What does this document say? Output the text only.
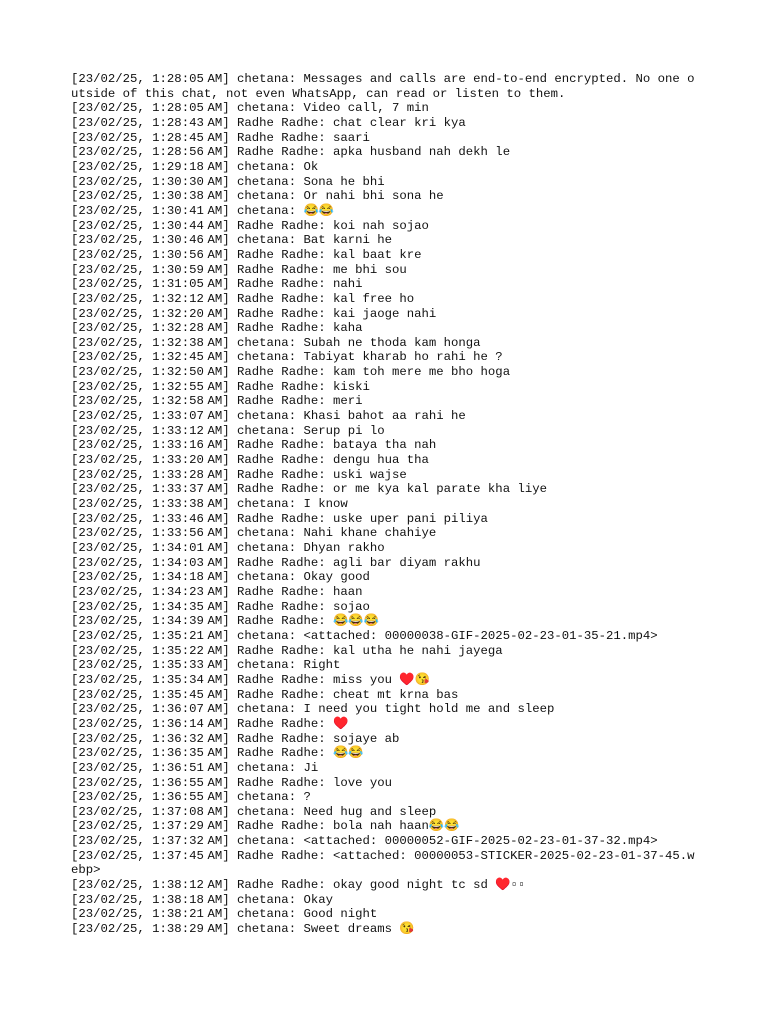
[23/02/25, 1:28:05 AM] chetana: Messages and calls are end-to-end encrypted. No one outside of this chat, not even WhatsApp, can read or listen to them.
[23/02/25, 1:28:05 AM] chetana: Video call, 7 min
[23/02/25, 1:28:43 AM] Radhe Radhe: chat clear kri kya
[23/02/25, 1:28:45 AM] Radhe Radhe: saari
[23/02/25, 1:28:56 AM] Radhe Radhe: apka husband nah dekh le
[23/02/25, 1:29:18 AM] chetana: Ok
[23/02/25, 1:30:30 AM] chetana: Sona he bhi
[23/02/25, 1:30:38 AM] chetana: Or nahi bhi sona he
[23/02/25, 1:30:41 AM] chetana: 😂😂
[23/02/25, 1:30:44 AM] Radhe Radhe: koi nah sojao
[23/02/25, 1:30:46 AM] chetana: Bat karni he
[23/02/25, 1:30:56 AM] Radhe Radhe: kal baat kre
[23/02/25, 1:30:59 AM] Radhe Radhe: me bhi sou
[23/02/25, 1:31:05 AM] Radhe Radhe: nahi
[23/02/25, 1:32:12 AM] Radhe Radhe: kal free ho
[23/02/25, 1:32:20 AM] Radhe Radhe: kai jaoge nahi
[23/02/25, 1:32:28 AM] Radhe Radhe: kaha
[23/02/25, 1:32:38 AM] chetana: Subah ne thoda kam honga
[23/02/25, 1:32:45 AM] chetana: Tabiyat kharab ho rahi he ?
[23/02/25, 1:32:50 AM] Radhe Radhe: kam toh mere me bho hoga
[23/02/25, 1:32:55 AM] Radhe Radhe: kiski
[23/02/25, 1:32:58 AM] Radhe Radhe: meri
[23/02/25, 1:33:07 AM] chetana: Khasi bahot aa rahi he
[23/02/25, 1:33:12 AM] chetana: Serup pi lo
[23/02/25, 1:33:16 AM] Radhe Radhe: bataya tha nah
[23/02/25, 1:33:20 AM] Radhe Radhe: dengu hua tha
[23/02/25, 1:33:28 AM] Radhe Radhe: uski wajse
[23/02/25, 1:33:37 AM] Radhe Radhe: or me kya kal parate kha liye
[23/02/25, 1:33:38 AM] chetana: I know
[23/02/25, 1:33:46 AM] Radhe Radhe: uske uper pani piliya
[23/02/25, 1:33:56 AM] chetana: Nahi khane chahiye
[23/02/25, 1:34:01 AM] chetana: Dhyan rakho
[23/02/25, 1:34:03 AM] Radhe Radhe: agli bar diyam rakhu
[23/02/25, 1:34:18 AM] chetana: Okay good
[23/02/25, 1:34:23 AM] Radhe Radhe: haan
[23/02/25, 1:34:35 AM] Radhe Radhe: sojao
[23/02/25, 1:34:39 AM] Radhe Radhe: 😂😂😂
[23/02/25, 1:35:21 AM] chetana: <attached: 00000038-GIF-2025-02-23-01-35-21.mp4>
[23/02/25, 1:35:22 AM] Radhe Radhe: kal utha he nahi jayega
[23/02/25, 1:35:33 AM] chetana: Right
[23/02/25, 1:35:34 AM] Radhe Radhe: miss you ♥️😘
[23/02/25, 1:35:45 AM] Radhe Radhe: cheat mt krna bas
[23/02/25, 1:36:07 AM] chetana: I need you tight hold me and sleep
[23/02/25, 1:36:14 AM] Radhe Radhe: ♥️
[23/02/25, 1:36:32 AM] Radhe Radhe: sojaye ab
[23/02/25, 1:36:35 AM] Radhe Radhe: 😂😂
[23/02/25, 1:36:51 AM] chetana: Ji
[23/02/25, 1:36:55 AM] Radhe Radhe: love you
[23/02/25, 1:36:55 AM] chetana: ?
[23/02/25, 1:37:08 AM] chetana: Need hug and sleep
[23/02/25, 1:37:29 AM] Radhe Radhe: bola nah haan😂😂
[23/02/25, 1:37:32 AM] chetana: <attached: 00000052-GIF-2025-02-23-01-37-32.mp4>
[23/02/25, 1:37:45 AM] Radhe Radhe: <attached: 00000053-STICKER-2025-02-23-01-37-45.webp>
[23/02/25, 1:38:12 AM] Radhe Radhe: okay good night tc sd ♥️▫▫
[23/02/25, 1:38:18 AM] chetana: Okay
[23/02/25, 1:38:21 AM] chetana: Good night
[23/02/25, 1:38:29 AM] chetana: Sweet dreams 😘
